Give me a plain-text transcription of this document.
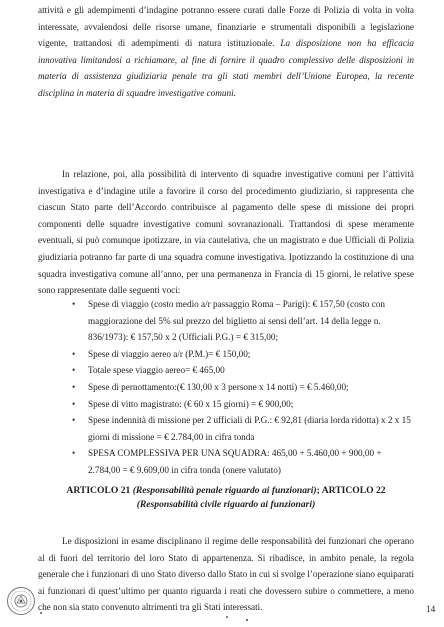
attività e gli adempimenti d’indagine potranno essere curati dalle Forze di Polizia di volta in volta interessate, avvalendosi delle risorse umane, finanziarie e strumentali disponibili a legislazione vigente, trattandosi di adempimenti di natura istituzionale. La disposizione non ha efficacia innovativa limitandosi a richiamare, al fine di fornire il quadro complessivo delle disposizioni in materia di assistenza giudiziaria penale tra gli stati membri dell’Unione Europea, la recente disciplina in materia di squadre investigative comuni.

In relazione, poi, alla possibilità di intervento di squadre investigative comuni per l’attività investigativa e d’indagine utile a favorire il corso del procedimento giudiziario, si rappresenta che ciascun Stato parte dell’Accordo contribuisce al pagamento delle spese di missione dei propri componenti delle squadre investigative comuni sovranazionali. Trattandosi di spese meramente eventuali, si può comunque ipotizzare, in via cautelativa, che un magistrato e due Ufficiali di Polizia giudiziaria potranno far parte di una squadra comune investigativa. Ipotizzando la costituzione di una squadra investigativa comune all’anno, per una permanenza in Francia di 15 giorni, le relative spese sono rappresentate dalle seguenti voci:

• Spese di viaggio (costo medio a/r passaggio Roma – Parigi): € 157,50 (costo con maggiorazione del 5% sul prezzo del biglietto ai sensi dell’art. 14 della legge n. 836/1973): € 157,50 x 2 (Ufficiali P.G.) = € 315,00;
• Spese di viaggio aereo a/r (P.M.)= € 150,00;
• Totale spese viaggio aereo= € 465,00
• Spese di pernottamento:(€ 130,00 x 3 persone x 14 notti) = € 5.460,00;
• Spese di vitto magistrato: (€ 60 x 15 giorni) = € 900,00;
• Spese indennità di missione per 2 ufficiali di P.G.: € 92,81 (diaria lorda ridotta) x 2 x 15 giorni di missione = € 2.784,00 in cifra tonda
• SPESA COMPLESSIVA PER UNA SQUADRA: 465,00 + 5.460,00 + 900,00 + 2.784,00 = € 9.609,00 in cifra tonda (onere valutato)
ARTICOLO 21 (Responsabilità penale riguardo ai funzionari); ARTICOLO 22 (Responsabilità civile riguardo ai funzionari)

Le disposizioni in esame disciplinano il regime delle responsabilità dei funzionari che operano al di fuori del territorio del loro Stato di appartenenza. Si ribadisce, in ambito penale, la regola generale che i funzionari di uno Stato diverso dallo Stato in cui si svolge l’operazione siano equiparati ai funzionari di quest’ultimo per quanto riguarda i reati che dovessero subire o commettere, a meno che non sia stato convenuto altrimenti tra gli Stati interessati.	14
